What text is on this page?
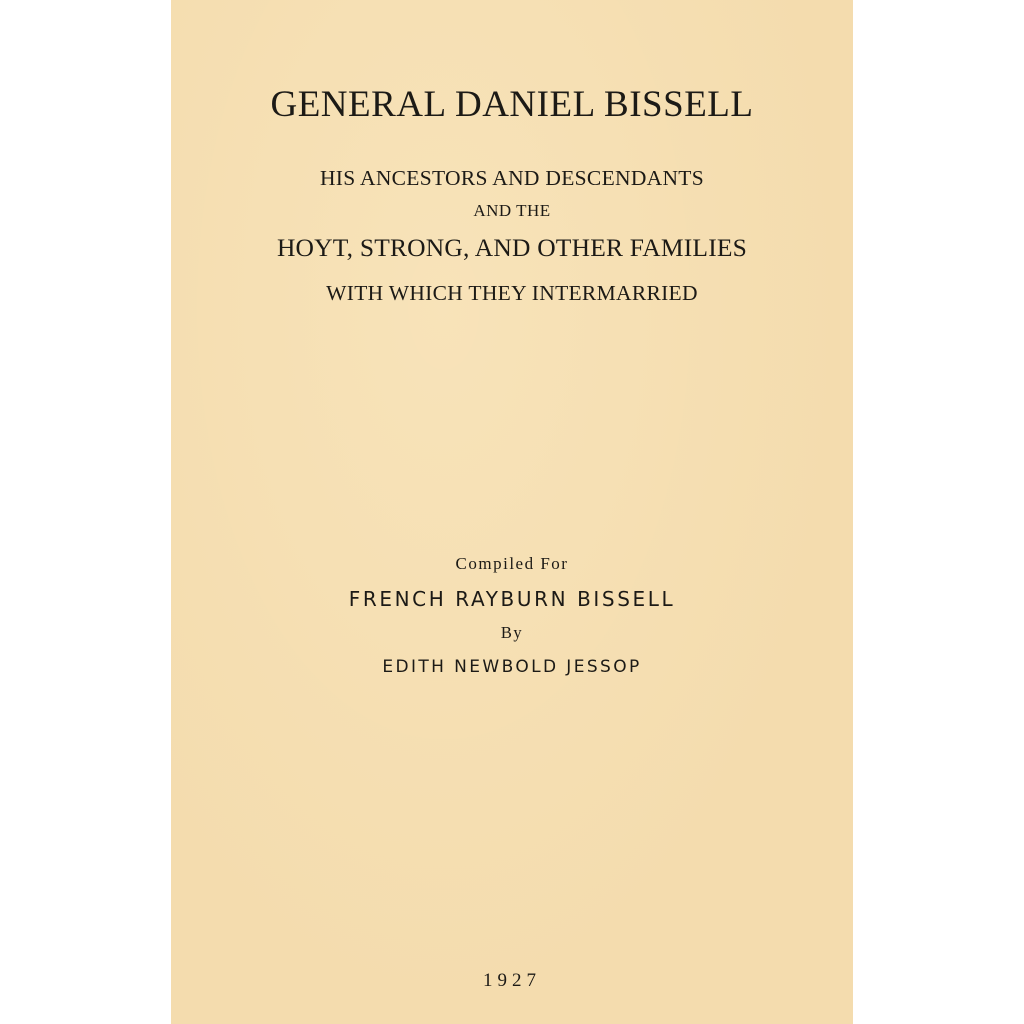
GENERAL DANIEL BISSELL
HIS ANCESTORS AND DESCENDANTS
AND THE
HOYT, STRONG, AND OTHER FAMILIES
WITH WHICH THEY INTERMARRIED
Compiled For
FRENCH RAYBURN BISSELL
By
EDITH NEWBOLD JESSOP
1927
